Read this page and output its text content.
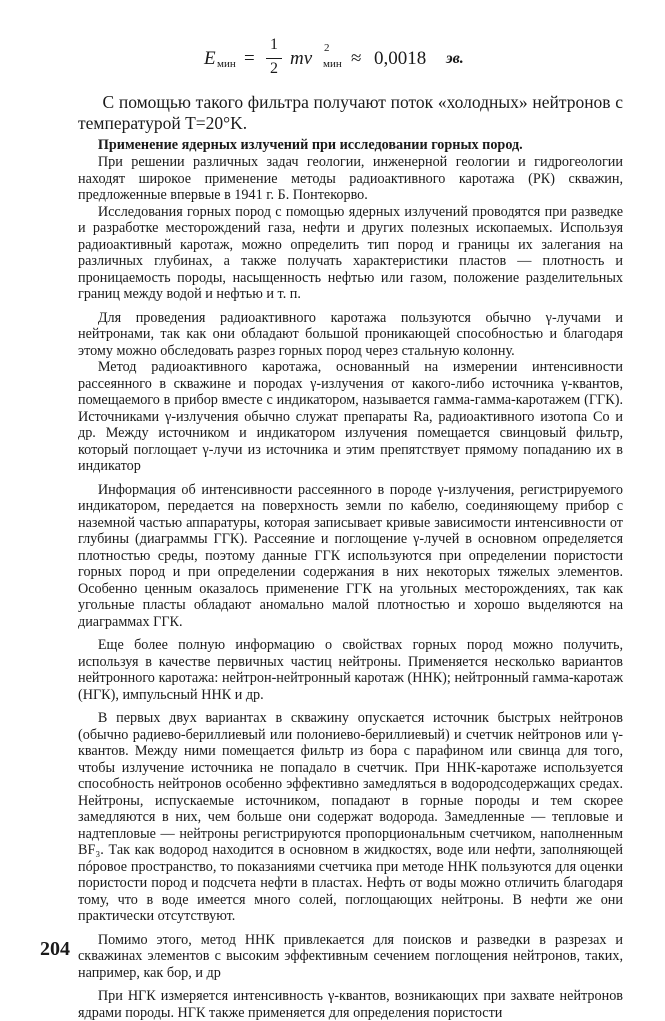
E мин =
1
2 mv 2
мин ≈ 0,0018 эв.

С помощью такого фильтра получают поток «холодных» нейтронов с температурой T=20°K.

Применение ядерных излучений при исследовании горных пород.

При решении различных задач геологии, инженерной геологии и гидрогеологии находят широкое применение методы радиоактивного каротажа (РК) скважин, предложенные впервые в 1941 г. Б. Понтекорво.

Исследования горных пород с помощью ядерных излучений проводятся при разведке и разработке месторождений газа, нефти и других полезных ископаемых. Используя радиоактивный каротаж, можно определить тип пород и границы их залегания на различных глубинах, а также получать характеристики пластов — плотность и проницаемость породы, насыщенность нефтью или газом, положение разделительных границ между водой и нефтью и т. п.

Для проведения радиоактивного каротажа пользуются обычно γ-лучами и нейтронами, так как они обладают большой проникающей способностью и благодаря этому можно обследовать разрез горных пород через стальную колонну.

Метод радиоактивного каротажа, основанный на измерении интенсивности рассеянного в скважине и породах γ-излучения от какого-либо источника γ-квантов, помещаемого в прибор вместе с индикатором, называется гамма-гамма-каротажем (ГГК). Источниками γ-излучения обычно служат препараты Ra, радиоактивного изотопа Co и др. Между источником и индикатором излучения помещается свинцовый фильтр, который поглощает γ-лучи из источника и этим препятствует прямому попаданию их в индикатор

Информация об интенсивности рассеянного в породе γ-излучения, регистрируемого индикатором, передается на поверхность земли по кабелю, соединяющему прибор с наземной частью аппаратуры, которая записывает кривые зависимости интенсивности от глубины (диаграммы ГГК). Рассеяние и поглощение γ-лучей в основном определяется плотностью среды, поэтому данные ГГК используются при определении пористости горных пород и при определении содержания в них некоторых тяжелых элементов. Особенно ценным оказалось применение ГГК на угольных месторождениях, так как угольные пласты обладают аномально малой плотностью и хорошо выделяются на диаграммах ГГК.

Еще более полную информацию о свойствах горных пород можно получить, используя в качестве первичных частиц нейтроны. Применяется несколько вариантов нейтронного каротажа: нейтрон-нейтронный каротаж (ННК); нейтронный гамма-каротаж (НГК), импульсный ННК и др.

В первых двух вариантах в скважину опускается источник быстрых нейтронов (обычно радиево-бериллиевый или полониево-бериллиевый) и счетчик нейтронов или γ-квантов. Между ними помещается фильтр из бора с парафином или свинца для того, чтобы излучение источника не попадало в счетчик. При ННК-каротаже используется способность нейтронов особенно эффективно замедляться в водородсодержащих средах. Нейтроны, испускаемые источником, попадают в горные породы и тем скорее замедляются в них, чем больше они содержат водорода. Замедленные — тепловые и надтепловые — нейтроны регистрируются пропорциональным счетчиком, наполненным BF₃. Так как водород находится в основном в жидкостях, воде или нефти, заполняющей пóровое пространство, то показаниями счетчика при методе ННК пользуются для оценки пористости пород и подсчета нефти в пластах. Нефть от воды можно отличить благодаря тому, что в воде имеется много солей, поглощающих нейтроны. В нефти же они практически отсутствуют.

Помимо этого, метод ННК привлекается для поисков и разведки в разрезах и скважинах элементов с высоким эффективным сечением поглощения нейтронов, таких, например, как бор, и др

При НГК измеряется интенсивность γ-квантов, возникающих при захвате нейтронов ядрами породы. НГК также применяется для определения пористости

204
